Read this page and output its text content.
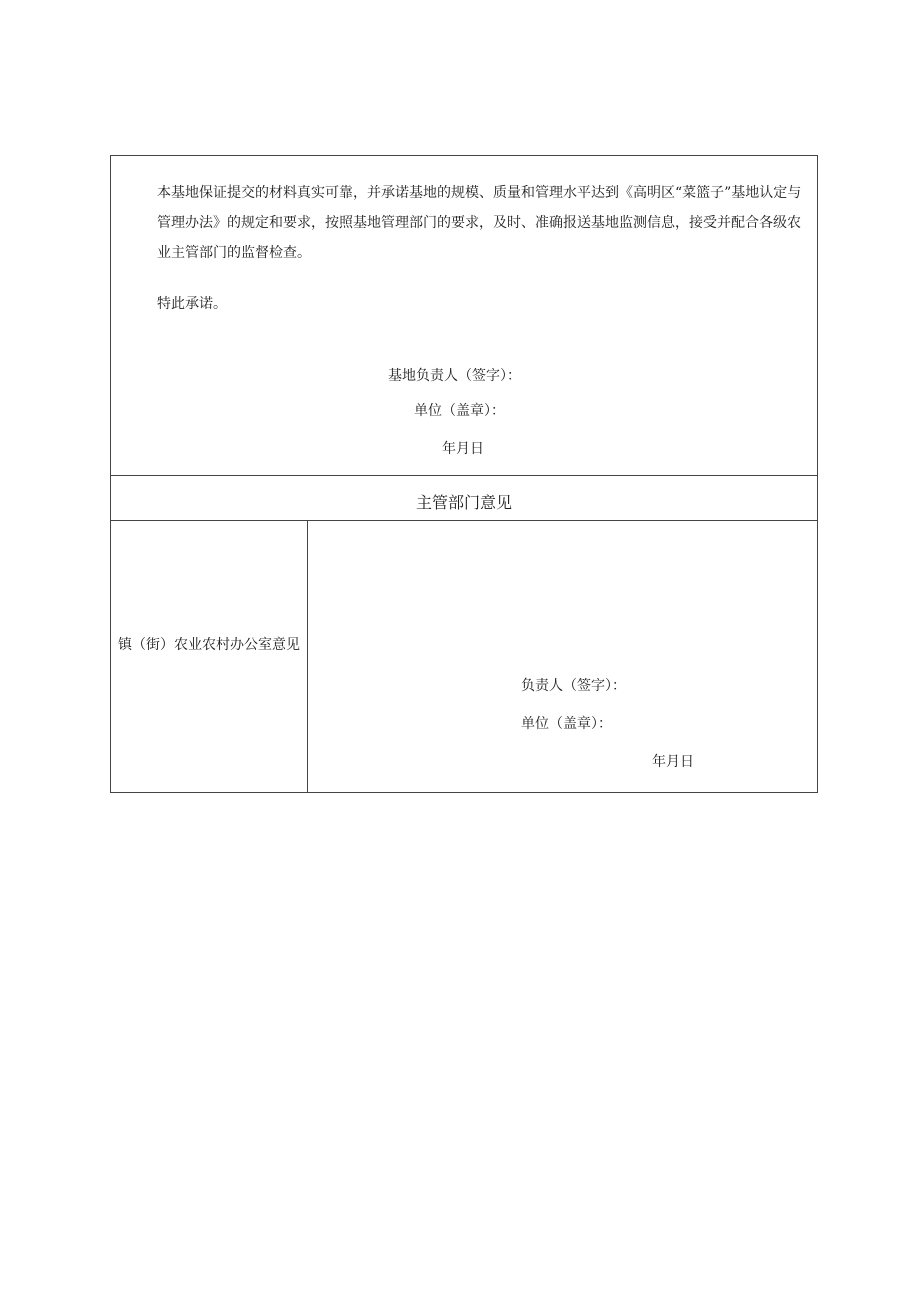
本基地保证提交的材料真实可靠，并承诺基地的规模、质量和管理水平达到《高明区“菜篮子”基地认定与管理办法》的规定和要求，按照基地管理部门的要求，及时、准确报送基地监测信息，接受并配合各级农业主管部门的监督检查。
特此承诺。
基地负责人（签字）：
单位（盖章）：
年月日
主管部门意见
镇（街）农业农村办公室意见
负责人（签字）：
单位（盖章）：
年月日
